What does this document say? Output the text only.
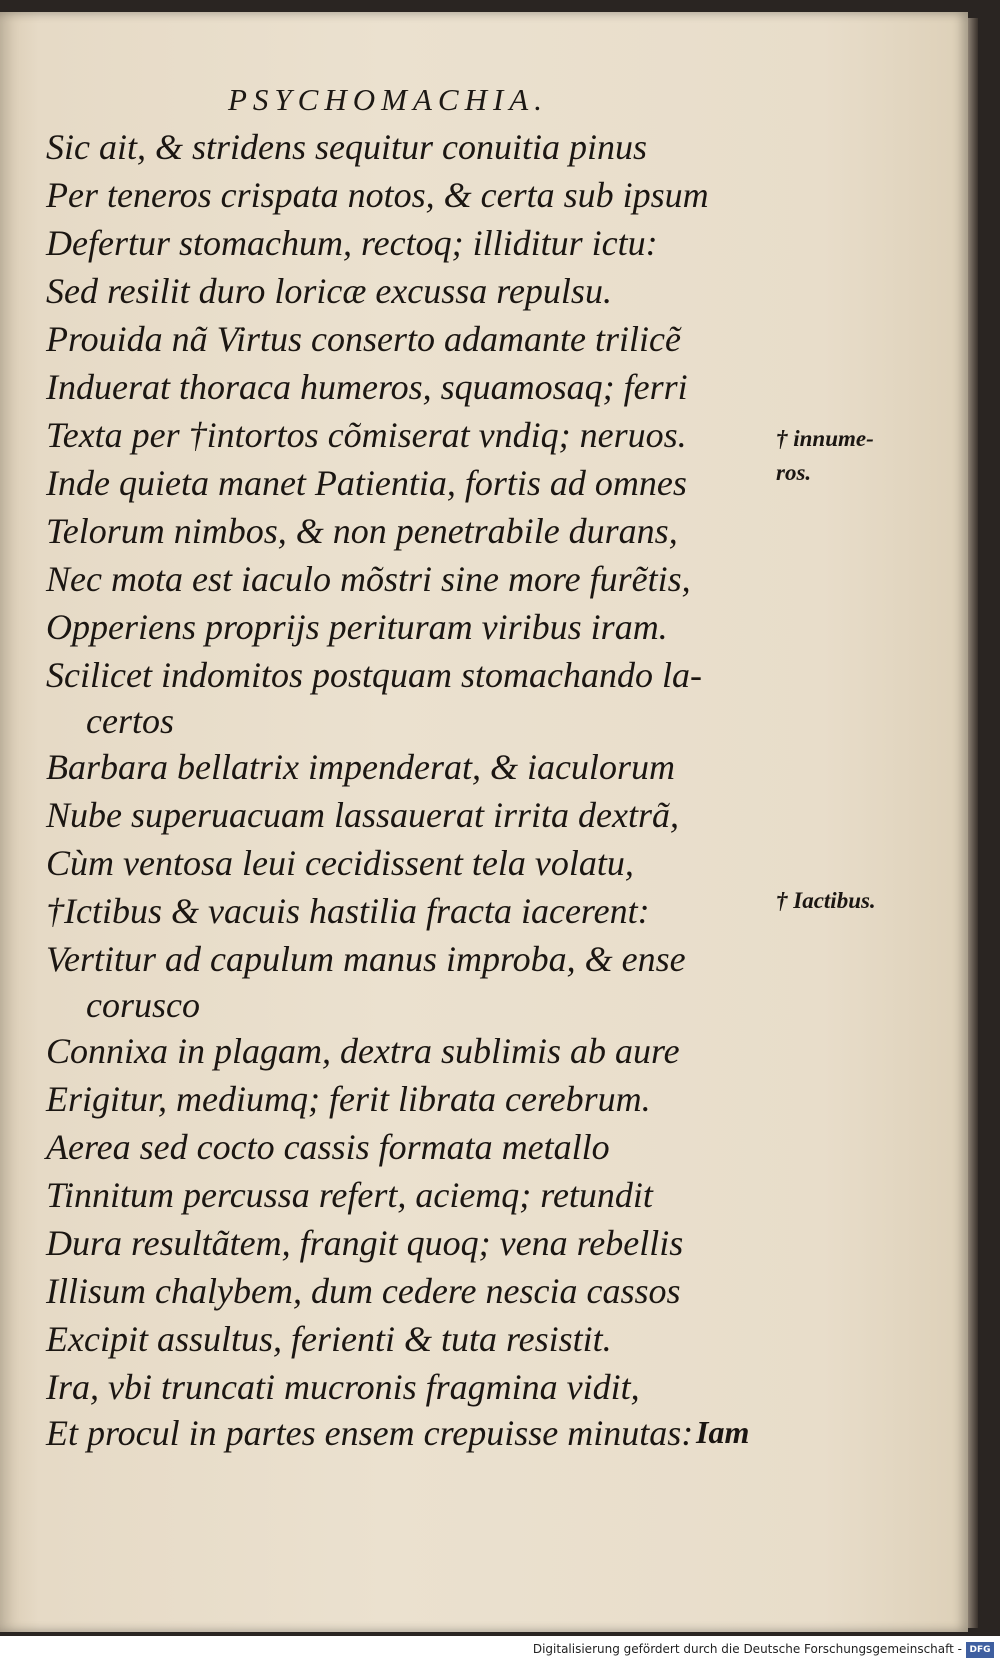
PSYCHOMACHIA.
Sic ait, & stridens sequitur conuitia pinus
Per teneros crispata notos, & certa sub ipsum
Defertur stomachum, rectoq; illiditur ictu:
Sed resilit duro loricæ excussa repulsu.
Prouida nã Virtus conserto adamante trilicẽ
Induerat thoraca humeros, squamosaq; ferri
Texta per †intortos cõmiserat vndiq; neruos.
Inde quieta manet Patientia, fortis ad omnes
Telorum nimbos, & non penetrabile durans,
Nec mota est iaculo mõstri sine more furẽtis,
Opperiens proprijs perituram viribus iram.
Scilicet indomitos postquam stomachando la-
certos
Barbara bellatrix impenderat, & iaculorum
Nube superuacuam lassauerat irrita dextrã,
Cùm ventosa leui cecidissent tela volatu,
†Ictibus & vacuis hastilia fracta iacerent:
Vertitur ad capulum manus improba, & ense
corusco
Connixa in plagam, dextra sublimis ab aure
Erigitur, mediumq; ferit librata cerebrum.
Aerea sed cocto cassis formata metallo
Tinnitum percussa refert, aciemq; retundit
Dura resultãtem, frangit quoq; vena rebellis
Illisum chalybem, dum cedere nescia cassos
Excipit assultus, ferienti & tuta resistit.
Ira, vbi truncati mucronis fragmina vidit,
Et procul in partes ensem crepuisse minutas: Iam
† innume-
ros.
† Iactibus.
Digitalisierung gefördert durch die Deutsche Forschungsgemeinschaft - DFG
